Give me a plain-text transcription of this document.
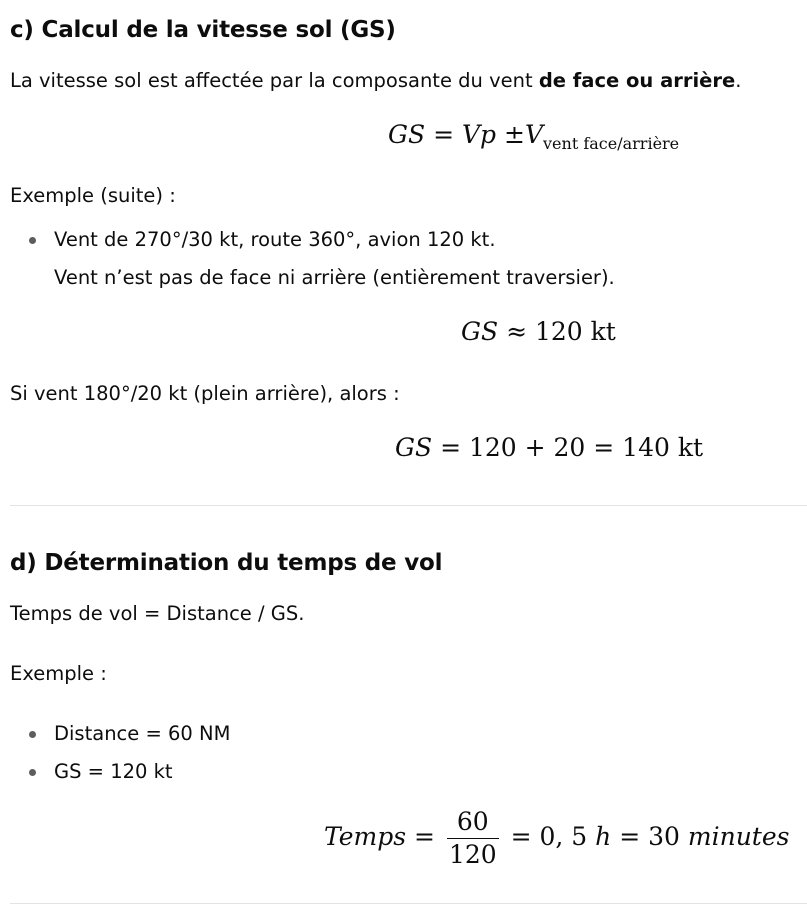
c) Calcul de la vitesse sol (GS)
La vitesse sol est affectée par la composante du vent de face ou arrière.
GS = $Vp \pm V_{vent face/arrière}$
Exemple (suite) :
Vent de 270°/30 kt, route 360°, avion 120 kt.
Vent n’est pas de face ni arrière (entièrement traversier).
GS ≈ 120 kt
Si vent 180°/20 kt (plein arrière), alors :
GS = 120 + 20 = 140 kt
d) Détermination du temps de vol
Temps de vol = Distance / GS.
Exemple :
Distance = 60 NM
GS = 120 kt
Temps = $\frac{60}{120} = 0$, 5 h = 30 minutes
